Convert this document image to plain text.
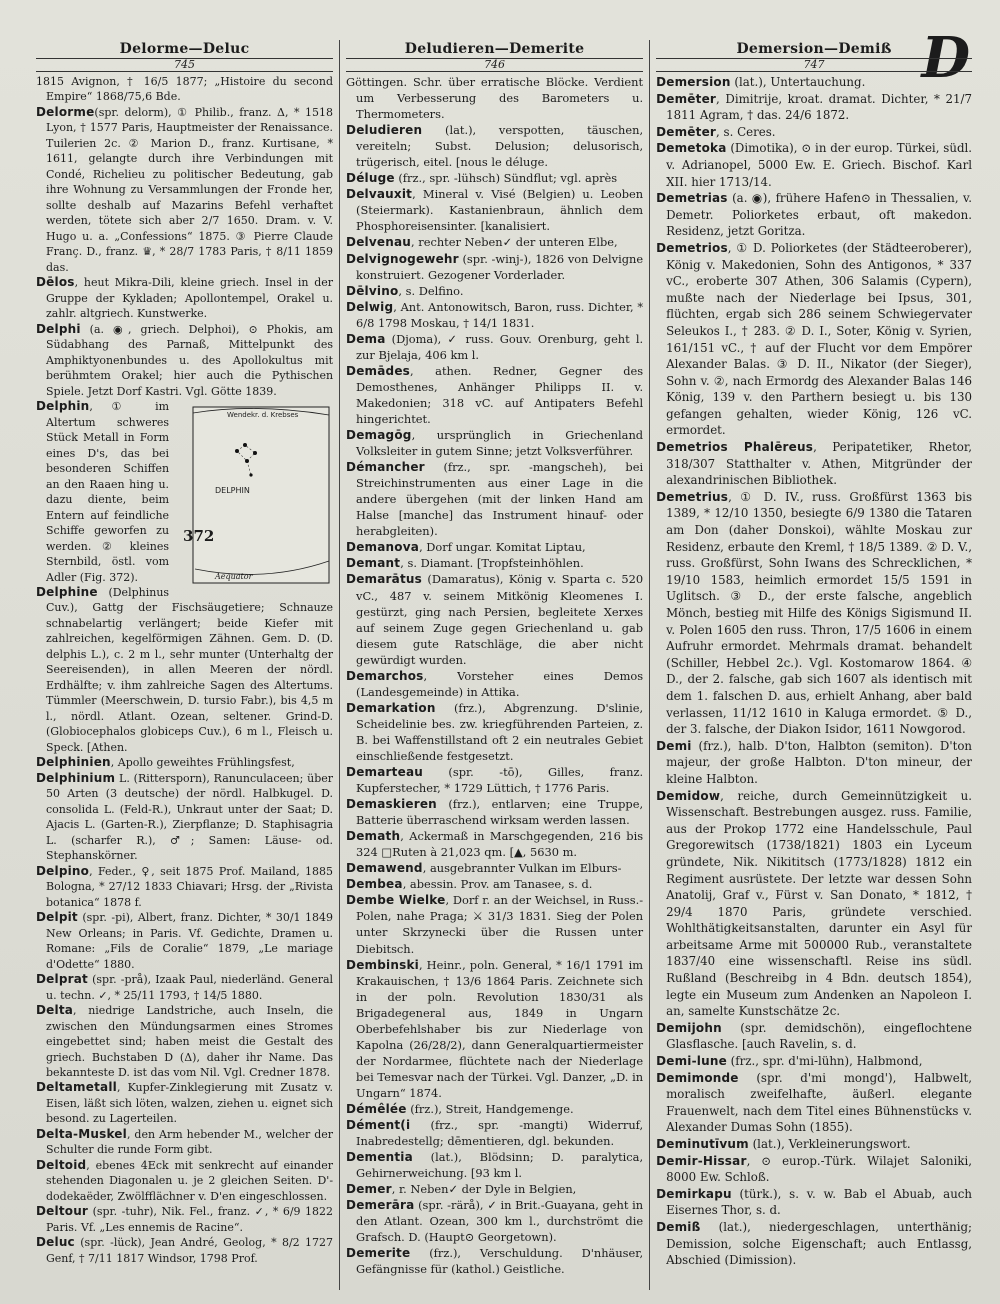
D
Delorme—Deluc
745

1815 Avignon, † 16/5 1877; „Histoire du second Empire“ 1868/75,6 Bde.

Delorme(spr. delorm), ① Philib., franz. Δ, * 1518 Lyon, † 1577 Paris, Hauptmeister der Renaissance. Tuilerien 2c. ② Marion D., franz. Kurtisane, * 1611, gelangte durch ihre Verbindungen mit Condé, Richelieu zu politischer Bedeutung, gab ihre Wohnung zu Versammlungen der Fronde her, sollte deshalb auf Mazarins Befehl verhaftet werden, tötete sich aber 2/7 1650. Dram. v. V. Hugo u. a. „Confessions“ 1875. ③ Pierre Claude Franç. D., franz. ♛, * 28/7 1783 Paris, † 8/11 1859 das.

Dēlos, heut Mikra-Dili, kleine griech. Insel in der Gruppe der Kykladen; Apollontempel, Orakel u. zahlr. altgriech. Kunstwerke.

Delphi (a. ◉, griech. Delphoi), ⊙ Phokis, am Südabhang des Parnaß, Mittelpunkt des Amphiktyonenbundes u. des Apollokultus mit berühmtem Orakel; hier auch die Pythischen Spiele. Jetzt Dorf Kastri. Vgl. Götte 1839.

Wendekr. d. Krebses
Aequator
DELPHIN
372

Delphin, ① im Altertum schweres Stück Metall in Form eines D's, das bei besonderen Schiffen an den Raaen hing u. dazu diente, beim Entern auf feindliche Schiffe geworfen zu werden. ② kleines Sternbild, östl. vom Adler (Fig. 372).

Delphine (Delphinus Cuv.), Gattg der Fischsäugetiere; Schnauze schnabelartig verlängert; beide Kiefer mit zahlreichen, kegelförmigen Zähnen. Gem. D. (D. delphis L.), c. 2 m l., sehr munter (Unterhaltg der Seereisenden), in allen Meeren der nördl. Erdhälfte; v. ihm zahlreiche Sagen des Altertums. Tümmler (Meerschwein, D. tursio Fabr.), bis 4,5 m l., nördl. Atlant. Ozean, seltener. Grind-D. (Globiocephalos globiceps Cuv.), 6 m l., Fleisch u. Speck. [Athen.

Delphinien, Apollo geweihtes Frühlingsfest,

Delphinium L. (Rittersporn), Ranunculaceen; über 50 Arten (3 deutsche) der nördl. Halbkugel. D. consolida L. (Feld-R.), Unkraut unter der Saat; D. Ajacis L. (Garten-R.), Zierpflanze; D. Staphisagria L. (scharfer R.), ♂; Samen: Läuse- od. Stephanskörner.

Delpino, Feder., ♀, seit 1875 Prof. Mailand, 1885 Bologna, * 27/12 1833 Chiavari; Hrsg. der „Rivista botanica“ 1878 f.

Delpit (spr. -pi), Albert, franz. Dichter, * 30/1 1849 New Orleans; in Paris. Vf. Gedichte, Dramen u. Romane: „Fils de Coralie“ 1879, „Le mariage d'Odette“ 1880.

Delprat (spr. -prå), Izaak Paul, niederländ. General u. techn. ✓, * 25/11 1793, † 14/5 1880.

Delta, niedrige Landstriche, auch Inseln, die zwischen den Mündungsarmen eines Stromes eingebettet sind; haben meist die Gestalt des griech. Buchstaben D (Δ), daher ihr Name. Das bekannteste D. ist das vom Nil. Vgl. Credner 1878.

Deltametall, Kupfer-Zinklegierung mit Zusatz v. Eisen, läßt sich löten, walzen, ziehen u. eignet sich besond. zu Lagerteilen.

Delta-Muskel, den Arm hebender M., welcher der Schulter die runde Form gibt.

Deltoid, ebenes 4Eck mit senkrecht auf einander stehenden Diagonalen u. je 2 gleichen Seiten. D'-dodekaëder, Zwölfflächner v. D'en eingeschlossen.

Deltour (spr. -tuhr), Nik. Fel., franz. ✓, * 6/9 1822 Paris. Vf. „Les ennemis de Racine“.

Deluc (spr. -lück), Jean André, Geolog, * 8/2 1727 Genf, † 7/11 1817 Windsor, 1798 Prof.

Deludieren—Demerite
746

Göttingen. Schr. über erratische Blöcke. Verdient um Verbesserung des Barometers u. Thermometers.

Deludieren (lat.), verspotten, täuschen, vereiteln; Subst. Delusion; delusorisch, trügerisch, eitel. [nous le déluge.

Déluge (frz., spr. -lühsch) Sündflut; vgl. après

Delvauxit, Mineral v. Visé (Belgien) u. Leoben (Steiermark). Kastanienbraun, ähnlich dem Phosphoreisensinter. [kanalisiert.

Delvenau, rechter Neben✓ der unteren Elbe,

Delvignogewehr (spr. -winj-), 1826 von Delvigne konstruiert. Gezogener Vorderlader.

Dēlvino, s. Delfino.

Delwig, Ant. Antonowitsch, Baron, russ. Dichter, * 6/8 1798 Moskau, † 14/1 1831.

Dema (Djoma), ✓ russ. Gouv. Orenburg, geht l. zur Bjelaja, 406 km l.

Demādes, athen. Redner, Gegner des Demosthenes, Anhänger Philipps II. v. Makedonien; 318 vC. auf Antipaters Befehl hingerichtet.

Demagōg, ursprünglich in Griechenland Volksleiter in gutem Sinne; jetzt Volksverführer.

Démancher (frz., spr. -mangscheh), bei Streichinstrumenten aus einer Lage in die andere übergehen (mit der linken Hand am Halse [manche] das Instrument hinauf- oder herabgleiten).

Demanova, Dorf ungar. Komitat Liptau,

Demant, s. Diamant. [Tropfsteinhöhlen.

Demarātus (Damaratus), König v. Sparta c. 520 vC., 487 v. seinem Mitkönig Kleomenes I. gestürzt, ging nach Persien, begleitete Xerxes auf seinem Zuge gegen Griechenland u. gab diesem gute Ratschläge, die aber nicht gewürdigt wurden.

Demarchos, Vorsteher eines Demos (Landesgemeinde) in Attika.

Demarkation (frz.), Abgrenzung. D'slinie, Scheidelinie bes. zw. kriegführenden Parteien, z. B. bei Waffenstillstand oft 2 ein neutrales Gebiet einschließende festgesetzt.

Demarteau (spr. -tō), Gilles, franz. Kupferstecher, * 1729 Lüttich, † 1776 Paris.

Demaskieren (frz.), entlarven; eine Truppe, Batterie überraschend wirksam werden lassen.

Demath, Ackermaß in Marschgegenden, 216 bis 324 □Ruten à 21,023 qm. [▲, 5630 m.

Demawend, ausgebrannter Vulkan im Elburs-

Dembea, abessin. Prov. am Tanasee, s. d.

Dembe Wielke, Dorf r. an der Weichsel, in Russ.-Polen, nahe Praga; ⚔ 31/3 1831. Sieg der Polen unter Skrzynecki über die Russen unter Diebitsch.

Dembinski, Heinr., poln. General, * 16/1 1791 im Krakauischen, † 13/6 1864 Paris. Zeichnete sich in der poln. Revolution 1830/31 als Brigadegeneral aus, 1849 in Ungarn Oberbefehlshaber bis zur Niederlage von Kapolna (26/28/2), dann Generalquartiermeister der Nordarmee, flüchtete nach der Niederlage bei Temesvar nach der Türkei. Vgl. Danzer, „D. in Ungarn“ 1874.

Démêlée (frz.), Streit, Handgemenge.

Dément(i (frz., spr. -mangti) Widerruf, Inabredestellg; dēmentieren, dgl. bekunden.

Dementia (lat.), Blödsinn; D. paralytica, Gehirnerweichung. [93 km l.

Demer, r. Neben✓ der Dyle in Belgien,

Demerāra (spr. -rärå), ✓ in Brit.-Guayana, geht in den Atlant. Ozean, 300 km l., durchströmt die Grafsch. D. (Haupt⊙ Georgetown).

Demerite (frz.), Verschuldung. D'nhäuser, Gefängnisse für (kathol.) Geistliche.

Demersion—Demiß
747

Demersion (lat.), Untertauchung.

Demēter, Dimitrije, kroat. dramat. Dichter, * 21/7 1811 Agram, † das. 24/6 1872.

Demēter, s. Ceres.

Demetoka (Dimotika), ⊙ in der europ. Türkei, südl. v. Adrianopel, 5000 Ew. E. Griech. Bischof. Karl XII. hier 1713/14.

Demetrias (a. ◉), frühere Hafen⊙ in Thessalien, v. Demetr. Poliorketes erbaut, oft makedon. Residenz, jetzt Goritza.

Demetrios, ① D. Poliorketes (der Städteeroberer), König v. Makedonien, Sohn des Antigonos, * 337 vC., eroberte 307 Athen, 306 Salamis (Cypern), mußte nach der Niederlage bei Ipsus, 301, flüchten, ergab sich 286 seinem Schwiegervater Seleukos I., † 283. ② D. I., Soter, König v. Syrien, 161/151 vC., † auf der Flucht vor dem Empörer Alexander Balas. ③ D. II., Nikator (der Sieger), Sohn v. ②, nach Ermordg des Alexander Balas 146 König, 139 v. den Parthern besiegt u. bis 130 gefangen gehalten, wieder König, 126 vC. ermordet.

Demetrios Phalēreus, Peripatetiker, Rhetor, 318/307 Statthalter v. Athen, Mitgründer der alexandrinischen Bibliothek.

Demetrius, ① D. IV., russ. Großfürst 1363 bis 1389, * 12/10 1350, besiegte 6/9 1380 die Tataren am Don (daher Donskoi), wählte Moskau zur Residenz, erbaute den Kreml, † 18/5 1389. ② D. V., russ. Großfürst, Sohn Iwans des Schrecklichen, * 19/10 1583, heimlich ermordet 15/5 1591 in Uglitsch. ③ D., der erste falsche, angeblich Mönch, bestieg mit Hilfe des Königs Sigismund II. v. Polen 1605 den russ. Thron, 17/5 1606 in einem Aufruhr ermordet. Mehrmals dramat. behandelt (Schiller, Hebbel 2c.). Vgl. Kostomarow 1864. ④ D., der 2. falsche, gab sich 1607 als identisch mit dem 1. falschen D. aus, erhielt Anhang, aber bald verlassen, 11/12 1610 in Kaluga ermordet. ⑤ D., der 3. falsche, der Diakon Isidor, 1611 Nowgorod.

Demi (frz.), halb. D'ton, Halbton (semiton). D'ton majeur, der große Halbton. D'ton mineur, der kleine Halbton.

Demidow, reiche, durch Gemeinnützigkeit u. Wissenschaft. Bestrebungen ausgez. russ. Familie, aus der Prokop 1772 eine Handelsschule, Paul Gregorewitsch (1738/1821) 1803 ein Lyceum gründete, Nik. Nikititsch (1773/1828) 1812 ein Regiment ausrüstete. Der letzte war dessen Sohn Anatolij, Graf v., Fürst v. San Donato, * 1812, † 29/4 1870 Paris, gründete verschied. Wohlthätigkeitsanstalten, darunter ein Asyl für arbeitsame Arme mit 500000 Rub., veranstaltete 1837/40 eine wissenschaftl. Reise ins südl. Rußland (Beschreibg in 4 Bdn. deutsch 1854), legte ein Museum zum Andenken an Napoleon I. an, samelte Kunstschätze 2c.

Demijohn (spr. demidschön), eingeflochtene Glasflasche. [auch Ravelin, s. d.

Demi-lune (frz., spr. d'mi-lühn), Halbmond,

Demimonde (spr. d'mi mongd'), Halbwelt, moralisch zweifelhafte, äußerl. elegante Frauenwelt, nach dem Titel eines Bühnenstücks v. Alexander Dumas Sohn (1855).

Deminutīvum (lat.), Verkleinerungswort.

Demir-Hissar, ⊙ europ.-Türk. Wilajet Saloniki, 8000 Ew. Schloß.

Demirkapu (türk.), s. v. w. Bab el Abuab, auch Eisernes Thor, s. d.

Demiß (lat.), niedergeschlagen, unterthänig; Demission, solche Eigenschaft; auch Entlassg, Abschied (Dimission).
